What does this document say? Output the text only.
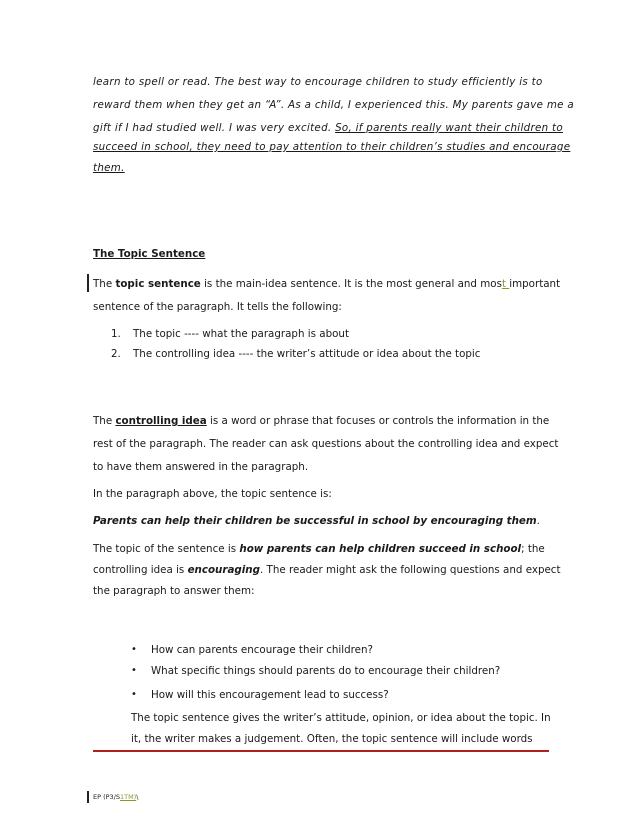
learn to spell or read. The best way to encourage children to study efficiently is to
reward them when they get an “A”. As a child, I experienced this. My parents gave me a
gift if I had studied well. I was very excited. So, if parents really want their children to
succeed in school, they need to pay attention to their children’s studies and encourage
them.
The Topic Sentence
The topic sentence is the main-idea sentence. It is the most general and most important
sentence of the paragraph. It tells the following:
1. The topic ---- what the paragraph is about
2. The controlling idea ---- the writer’s attitude or idea about the topic
The controlling idea is a word or phrase that focuses or controls the information in the
rest of the paragraph. The reader can ask questions about the controlling idea and expect
to have them answered in the paragraph.
In the paragraph above, the topic sentence is:
Parents can help their children be successful in school by encouraging them.
The topic of the sentence is how parents can help children succeed in school; the
controlling idea is encouraging. The reader might ask the following questions and expect
the paragraph to answer them:
• How can parents encourage their children?
• What specific things should parents do to encourage their children?
• How will this encouragement lead to success?
The topic sentence gives the writer’s attitude, opinion, or idea about the topic. In
it, the writer makes a judgement. Often, the topic sentence will include words
EP (P3/S1TM)\
